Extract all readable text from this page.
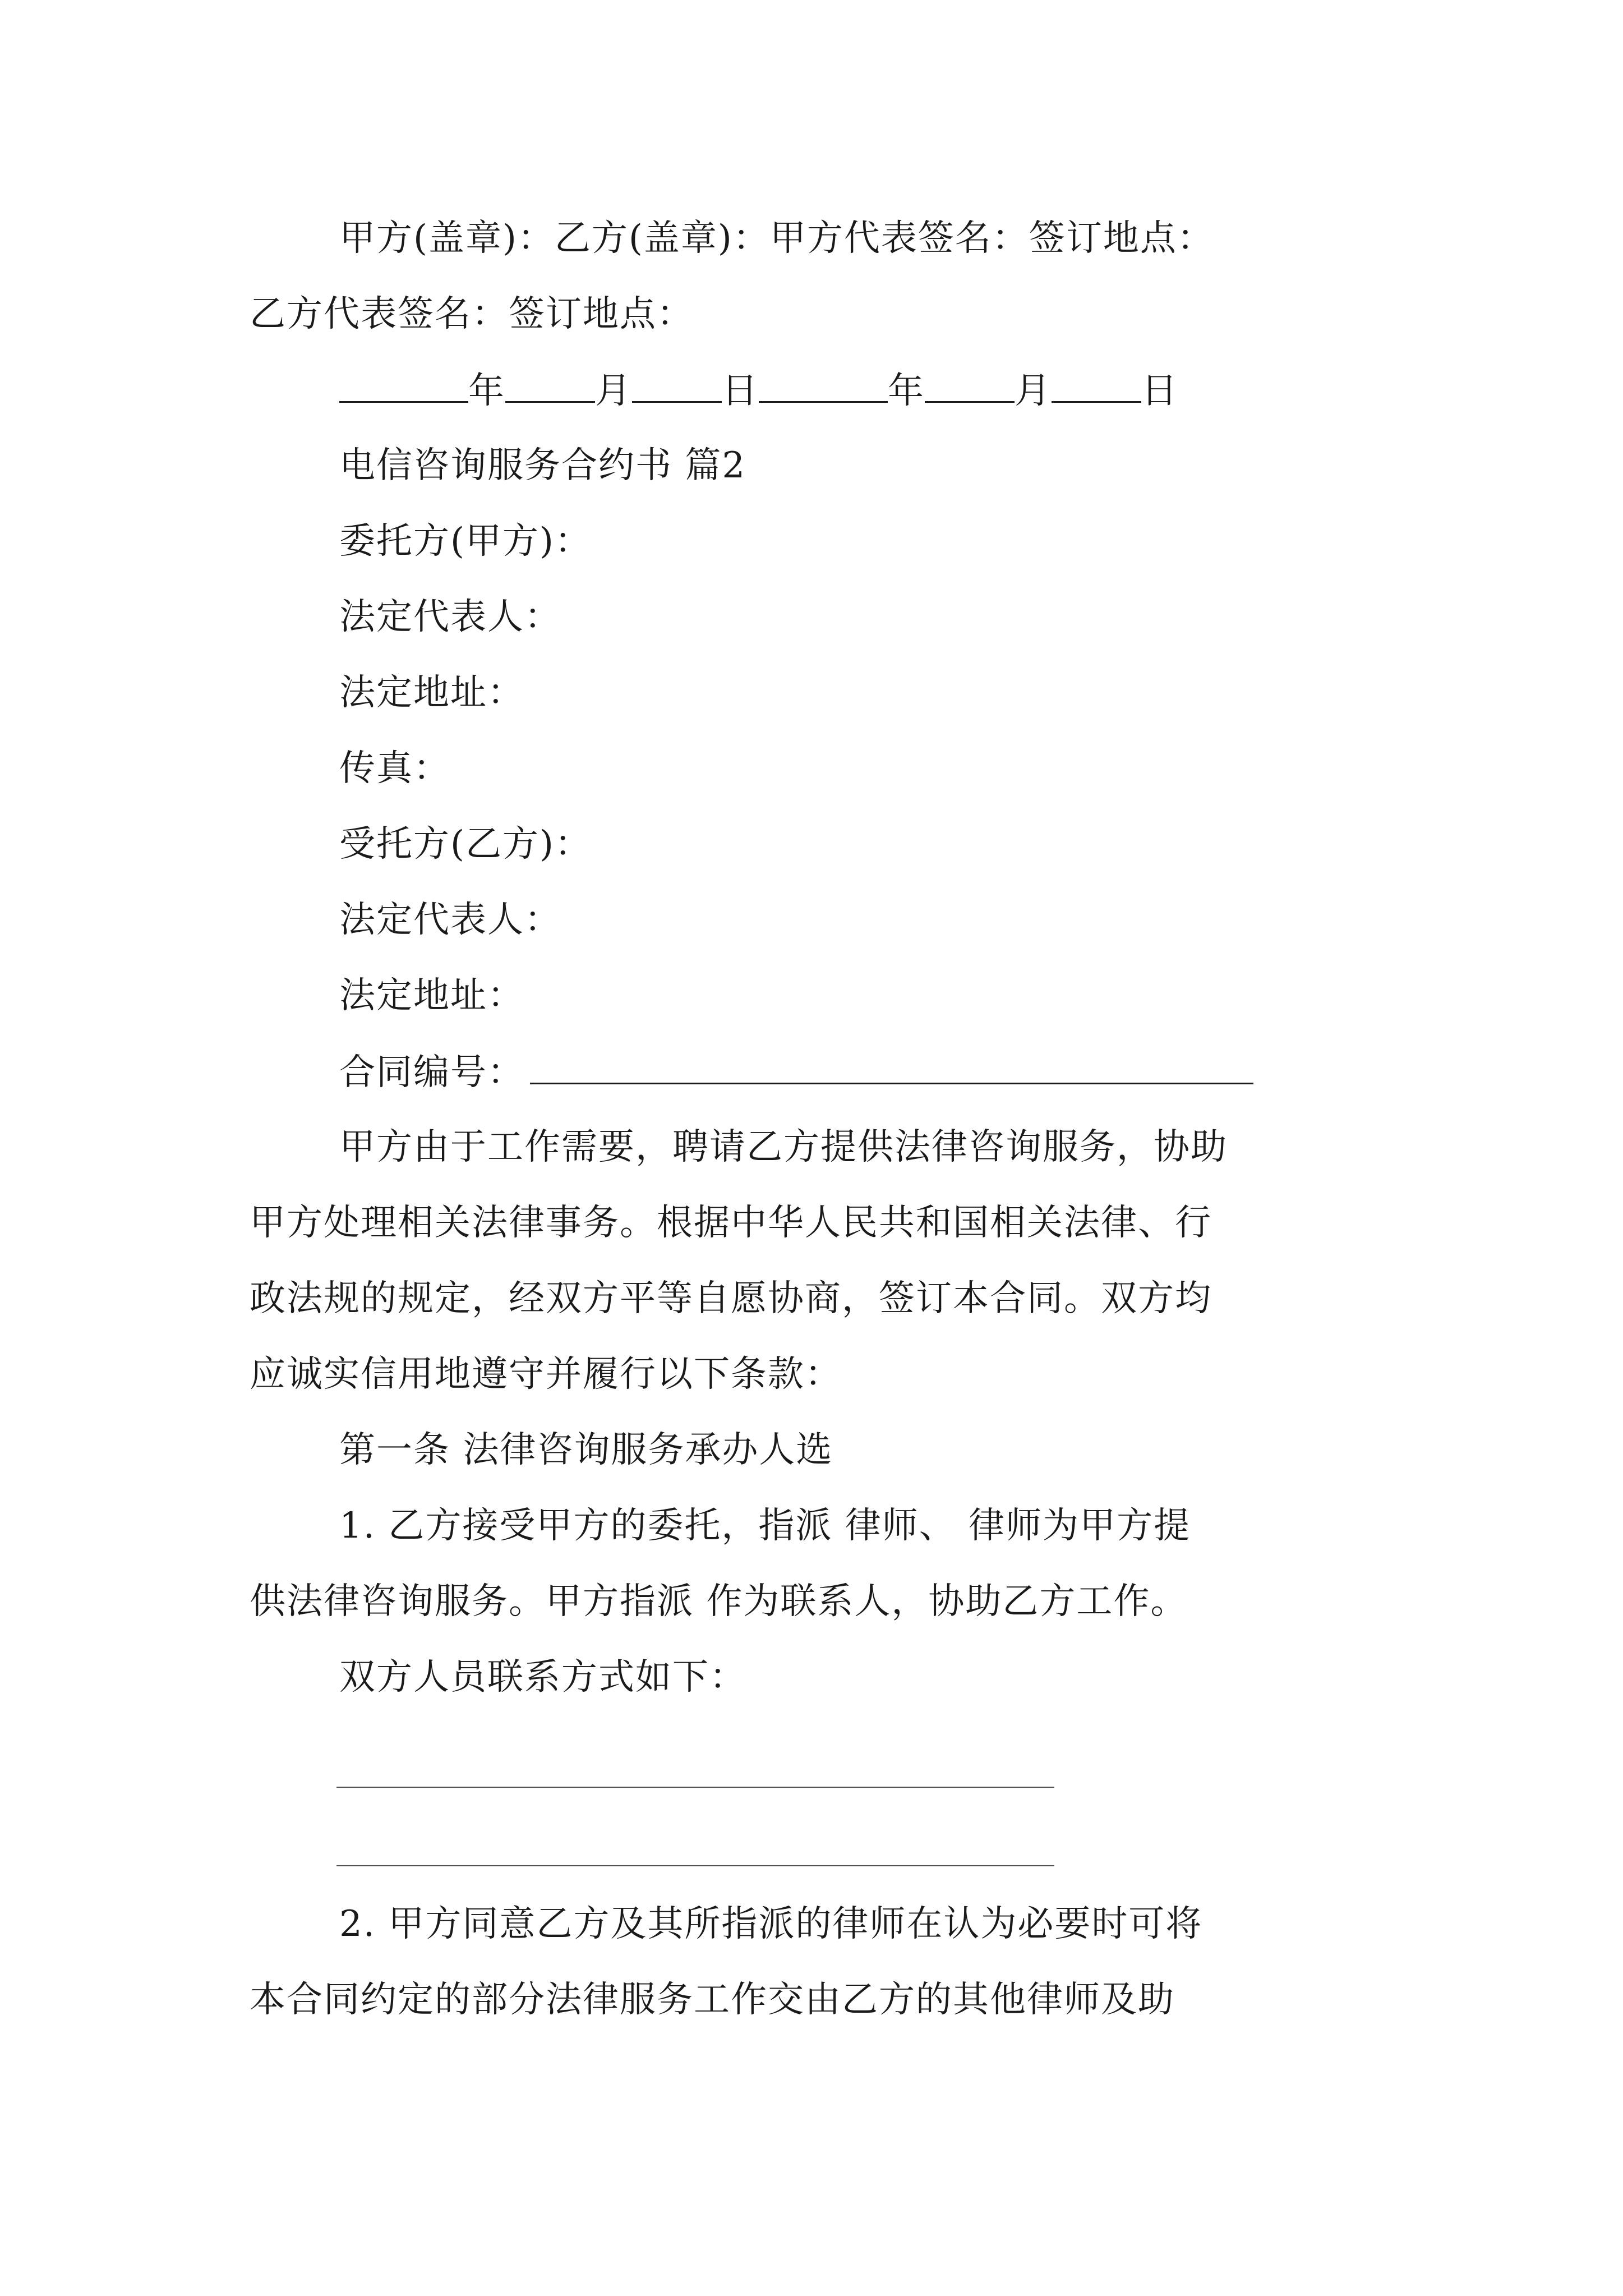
甲方(盖章)：乙方(盖章)：甲方代表签名：签订地点：
乙方代表签名：签订地点：
年	月	日	年	月	日
电信咨询服务合约书 篇2
委托方(甲方)：
法定代表人：
法定地址：
传真：
受托方(乙方)：
法定代表人：
法定地址：
合同编号：
甲方由于工作需要，聘请乙方提供法律咨询服务，协助
甲方处理相关法律事务。根据中华人民共和国相关法律、行
政法规的规定，经双方平等自愿协商，签订本合同。双方均
应诚实信用地遵守并履行以下条款：
第一条 法律咨询服务承办人选
1. 乙方接受甲方的委托，指派 律师、 律师为甲方提
供法律咨询服务。甲方指派 作为联系人，协助乙方工作。
双方人员联系方式如下：
2. 甲方同意乙方及其所指派的律师在认为必要时可将
本合同约定的部分法律服务工作交由乙方的其他律师及助
